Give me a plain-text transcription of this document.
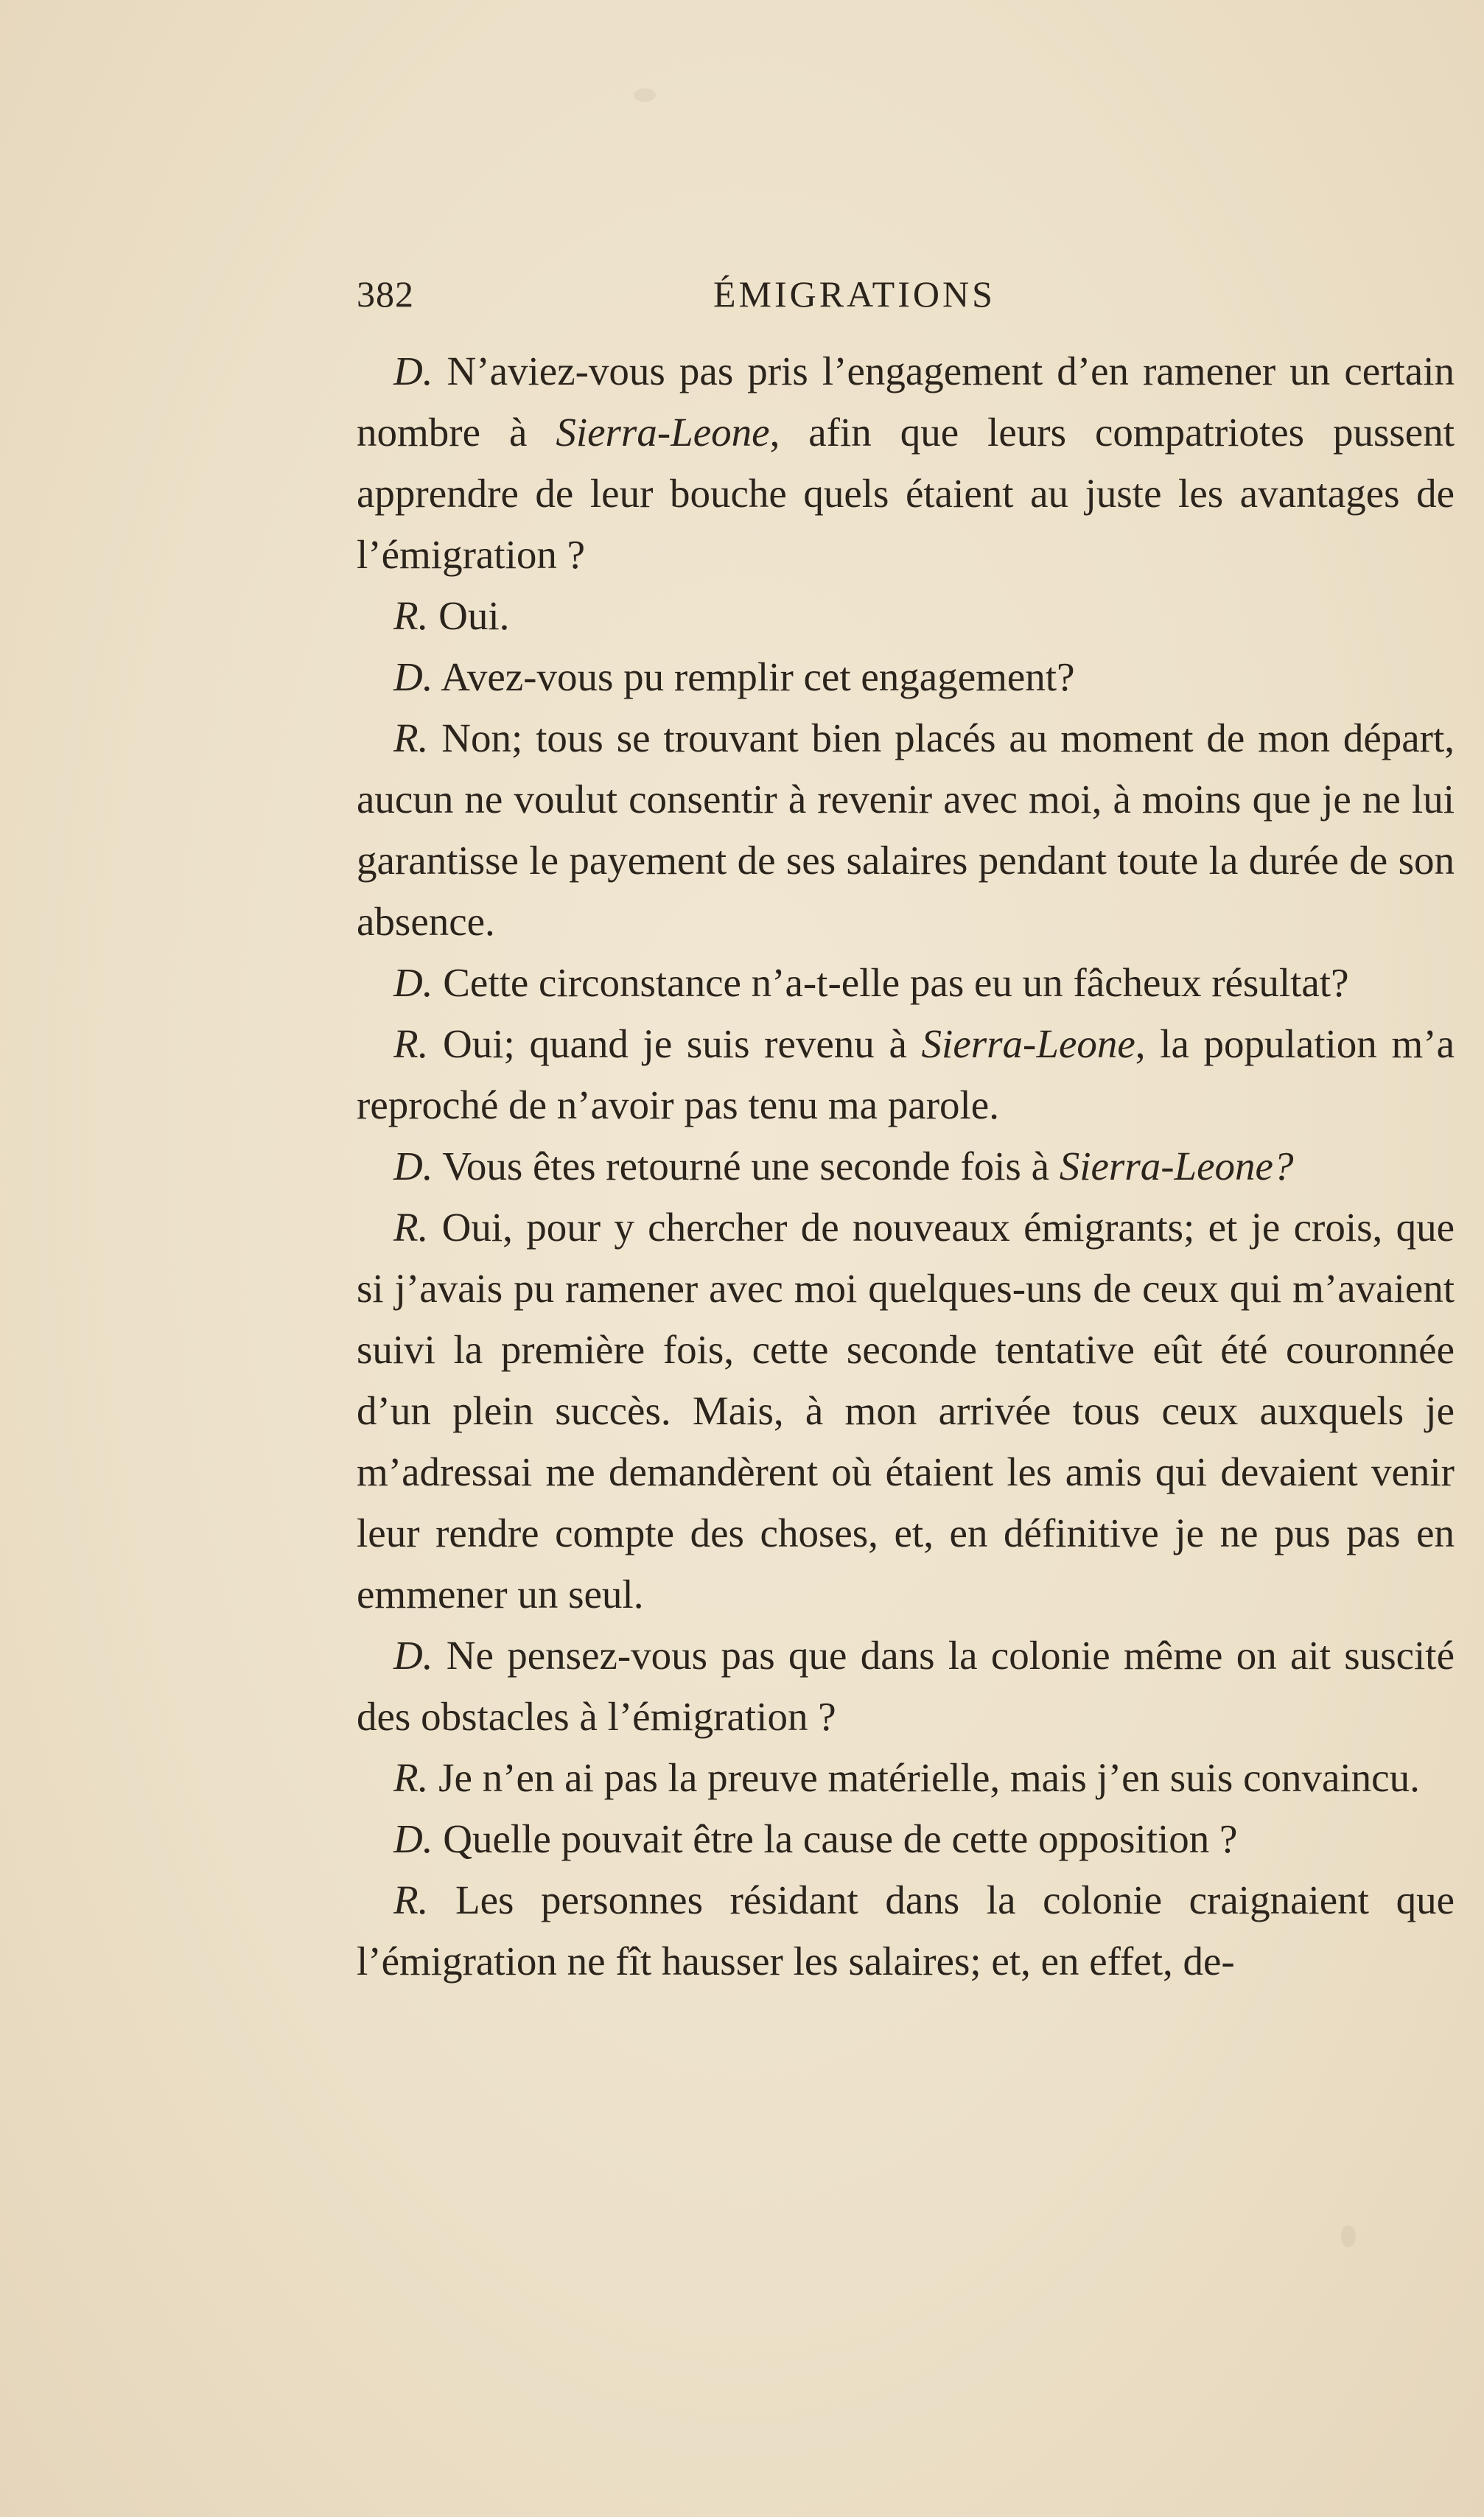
382	ÉMIGRATIONS

D. N’aviez-vous pas pris l’engagement d’en ramener un certain nombre à Sierra-Leone, afin que leurs compatriotes pussent apprendre de leur bouche quels étaient au juste les avantages de l’émigration ?

R. Oui.

D. Avez-vous pu remplir cet engagement?

R. Non; tous se trouvant bien placés au moment de mon départ, aucun ne voulut consentir à revenir avec moi, à moins que je ne lui garantisse le payement de ses salaires pendant toute la durée de son absence.

D. Cette circonstance n’a-t-elle pas eu un fâcheux résultat?

R. Oui; quand je suis revenu à Sierra-Leone, la population m’a reproché de n’avoir pas tenu ma parole.

D. Vous êtes retourné une seconde fois à Sierra-Leone?

R. Oui, pour y chercher de nouveaux émigrants; et je crois, que si j’avais pu ramener avec moi quelques-uns de ceux qui m’avaient suivi la première fois, cette seconde tentative eût été couronnée d’un plein succès. Mais, à mon arrivée tous ceux auxquels je m’adressai me demandèrent où étaient les amis qui devaient venir leur rendre compte des choses, et, en définitive je ne pus pas en emmener un seul.

D. Ne pensez-vous pas que dans la colonie même on ait suscité des obstacles à l’émigration ?

R. Je n’en ai pas la preuve matérielle, mais j’en suis convaincu.

D. Quelle pouvait être la cause de cette opposition ?

R. Les personnes résidant dans la colonie craignaient que l’émigration ne fît hausser les salaires; et, en effet, de-
